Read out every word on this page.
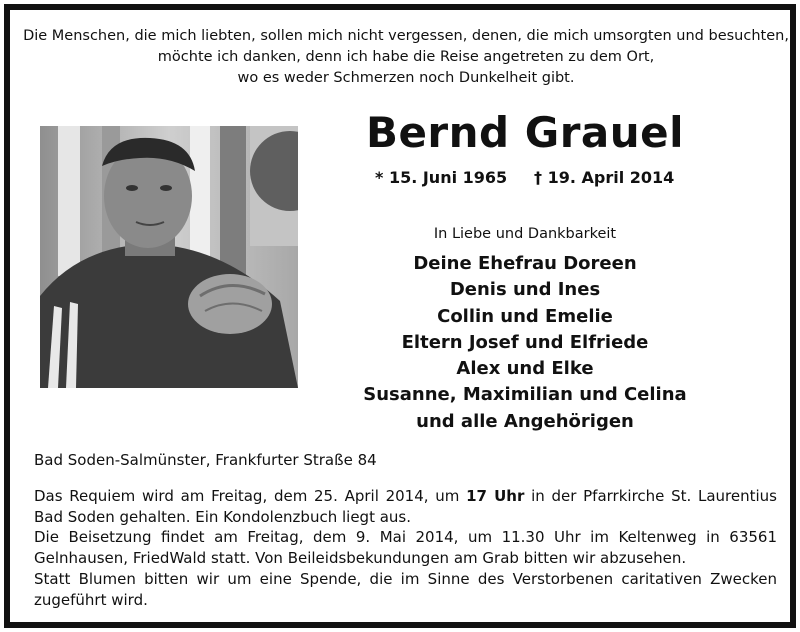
Die Menschen, die mich liebten, sollen mich nicht vergessen, denen, die mich umsorgten und besuchten,
möchte ich danken, denn ich habe die Reise angetreten zu dem Ort,
wo es weder Schmerzen noch Dunkelheit gibt.
Bernd Grauel
* 15. Juni 1965 † 19. April 2014
In Liebe und Dankbarkeit
Deine Ehefrau Doreen
Denis und Ines
Collin und Emelie
Eltern Josef und Elfriede
Alex und Elke
Susanne, Maximilian und Celina
und alle Angehörigen
Bad Soden-Salmünster, Frankfurter Straße 84

Das Requiem wird am Freitag, dem 25. April 2014, um 17 Uhr in der Pfarrkirche St. Laurentius Bad Soden gehalten. Ein Kondolenzbuch liegt aus.

Die Beisetzung findet am Freitag, dem 9. Mai 2014, um 11.30 Uhr im Keltenweg in 63561 Gelnhausen, FriedWald statt. Von Beileidsbekundungen am Grab bitten wir abzusehen.

Statt Blumen bitten wir um eine Spende, die im Sinne des Verstorbenen caritativen Zwecken zugeführt wird.
